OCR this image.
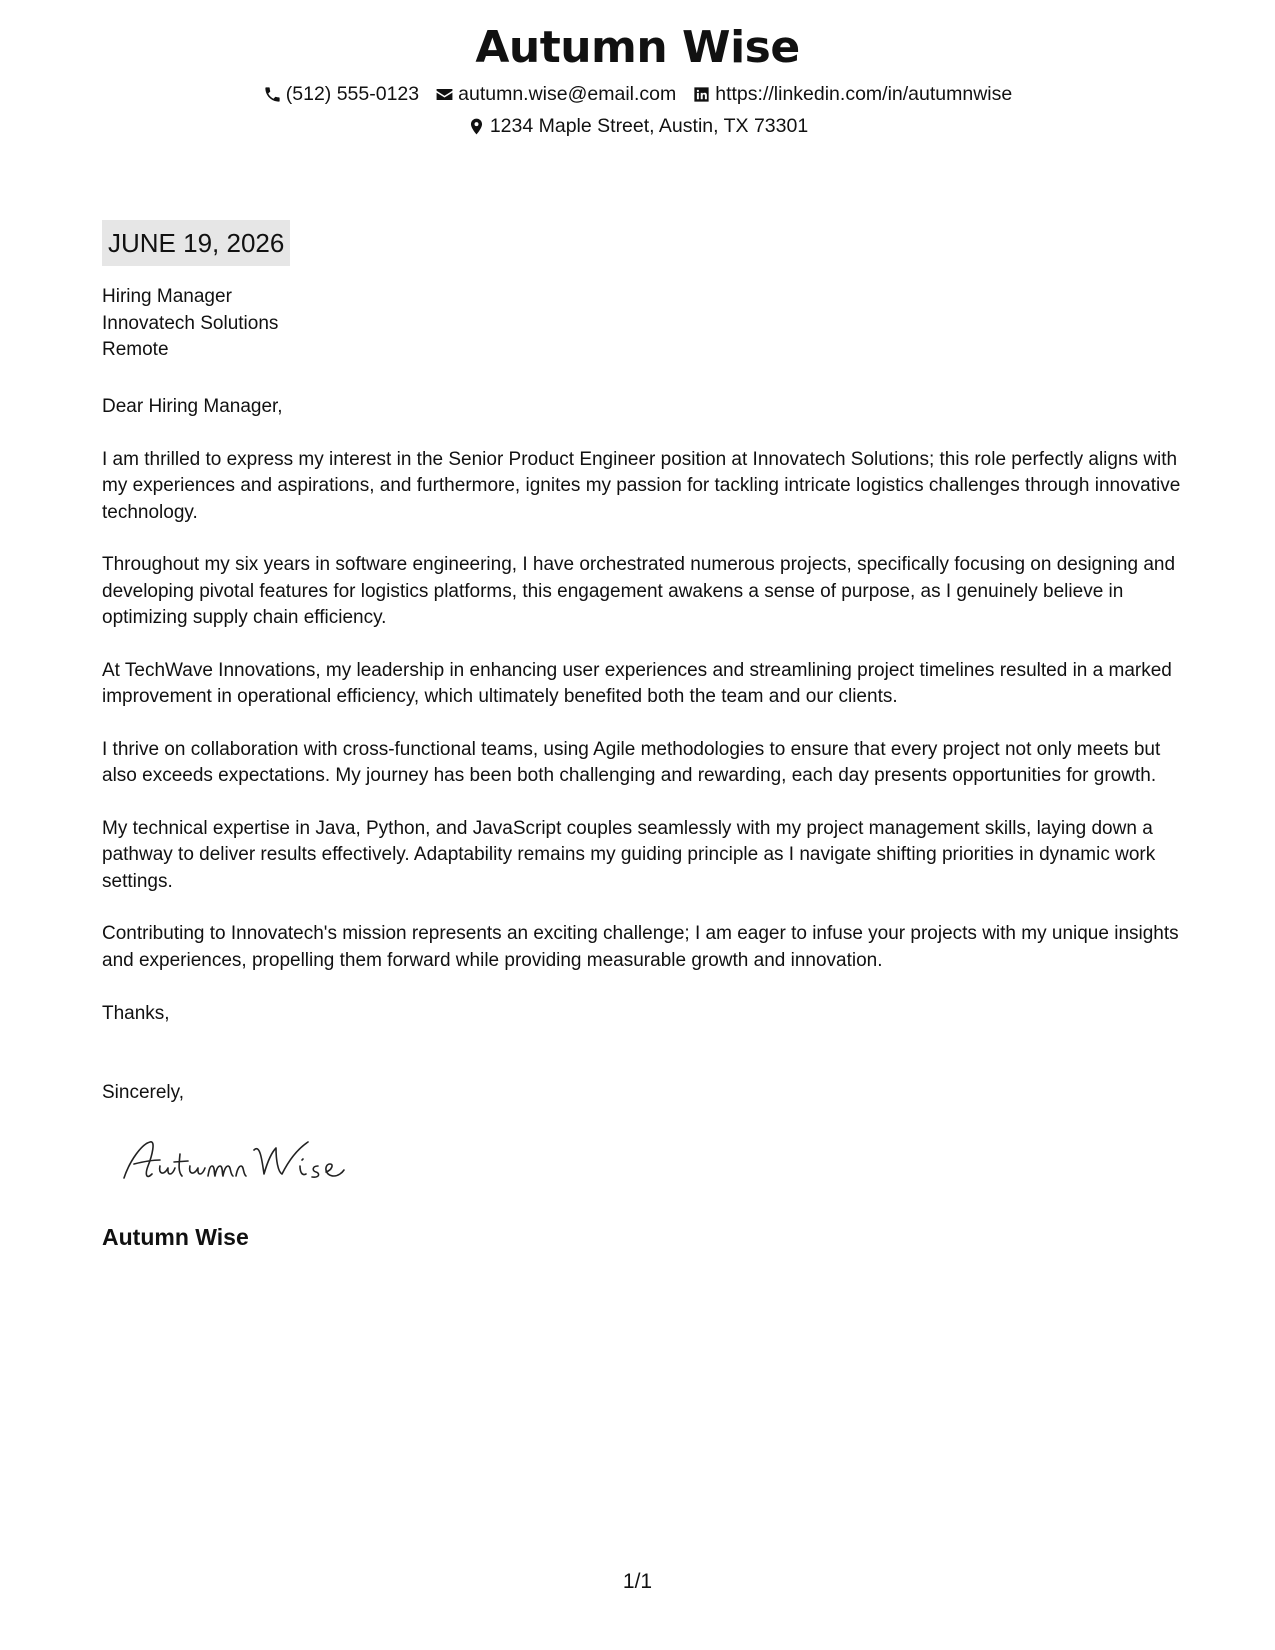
Autumn Wise
(512) 555-0123 autumn.wise@email.com https://linkedin.com/in/autumnwise
1234 Maple Street, Austin, TX 73301
JUNE 19, 2026
Hiring Manager
Innovatech Solutions
Remote
Dear Hiring Manager,

I am thrilled to express my interest in the Senior Product Engineer position at Innovatech Solutions; this role perfectly aligns with my experiences and aspirations, and furthermore, ignites my passion for tackling intricate logistics challenges through innovative technology.

Throughout my six years in software engineering, I have orchestrated numerous projects, specifically focusing on designing and developing pivotal features for logistics platforms, this engagement awakens a sense of purpose, as I genuinely believe in optimizing supply chain efficiency.

At TechWave Innovations, my leadership in enhancing user experiences and streamlining project timelines resulted in a marked improvement in operational efficiency, which ultimately benefited both the team and our clients.

I thrive on collaboration with cross-functional teams, using Agile methodologies to ensure that every project not only meets but also exceeds expectations. My journey has been both challenging and rewarding, each day presents opportunities for growth.

My technical expertise in Java, Python, and JavaScript couples seamlessly with my project management skills, laying down a pathway to deliver results effectively. Adaptability remains my guiding principle as I navigate shifting priorities in dynamic work settings.

Contributing to Innovatech's mission represents an exciting challenge; I am eager to infuse your projects with my unique insights and experiences, propelling them forward while providing measurable growth and innovation.

Thanks,
Sincerely,
Autumn Wise
1/1
